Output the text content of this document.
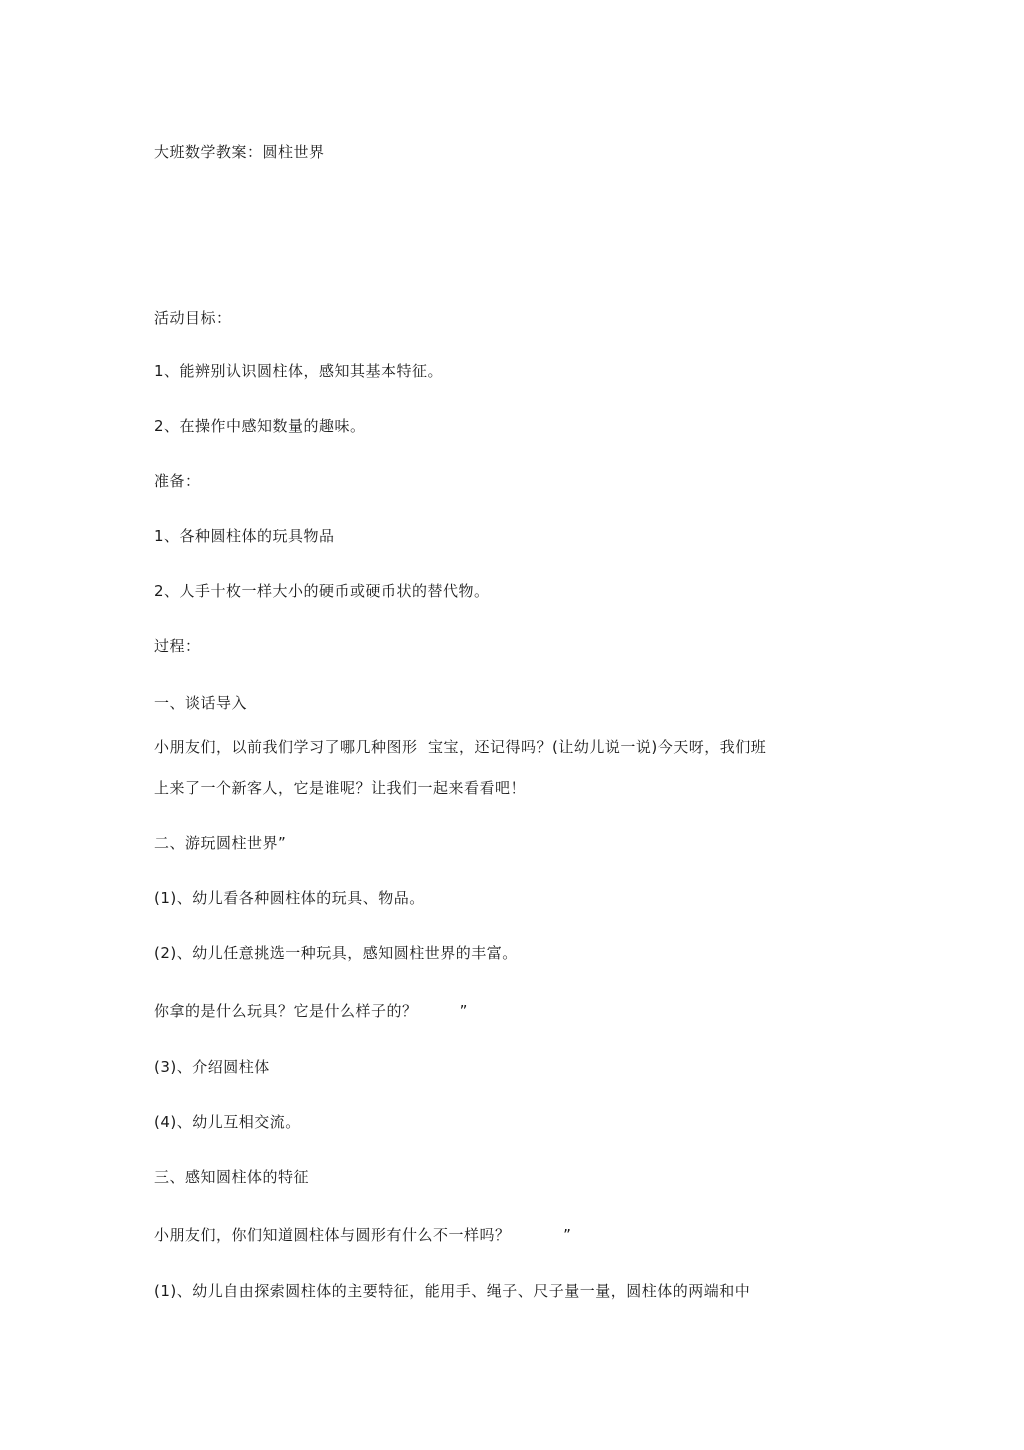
大班数学教案：圆柱世界
活动目标：
1、能辨别认识圆柱体，感知其基本特征。
2、在操作中感知数量的趣味。
准备：
1、各种圆柱体的玩具物品
2、人手十枚一样大小的硬币或硬币状的替代物。
过程：
一、谈话导入
小朋友们，以前我们学习了哪几种图形  宝宝，还记得吗？(让幼儿说一说)今天呀，我们班
上来了一个新客人，它是谁呢？让我们一起来看看吧！
二、游玩圆柱世界”
(1)、幼儿看各种圆柱体的玩具、物品。
(2)、幼儿任意挑选一种玩具，感知圆柱世界的丰富。
你拿的是什么玩具？它是什么样子的？        ”
(3)、介绍圆柱体
(4)、幼儿互相交流。
三、感知圆柱体的特征
小朋友们，你们知道圆柱体与圆形有什么不一样吗？          ”
(1)、幼儿自由探索圆柱体的主要特征，能用手、绳子、尺子量一量，圆柱体的两端和中
